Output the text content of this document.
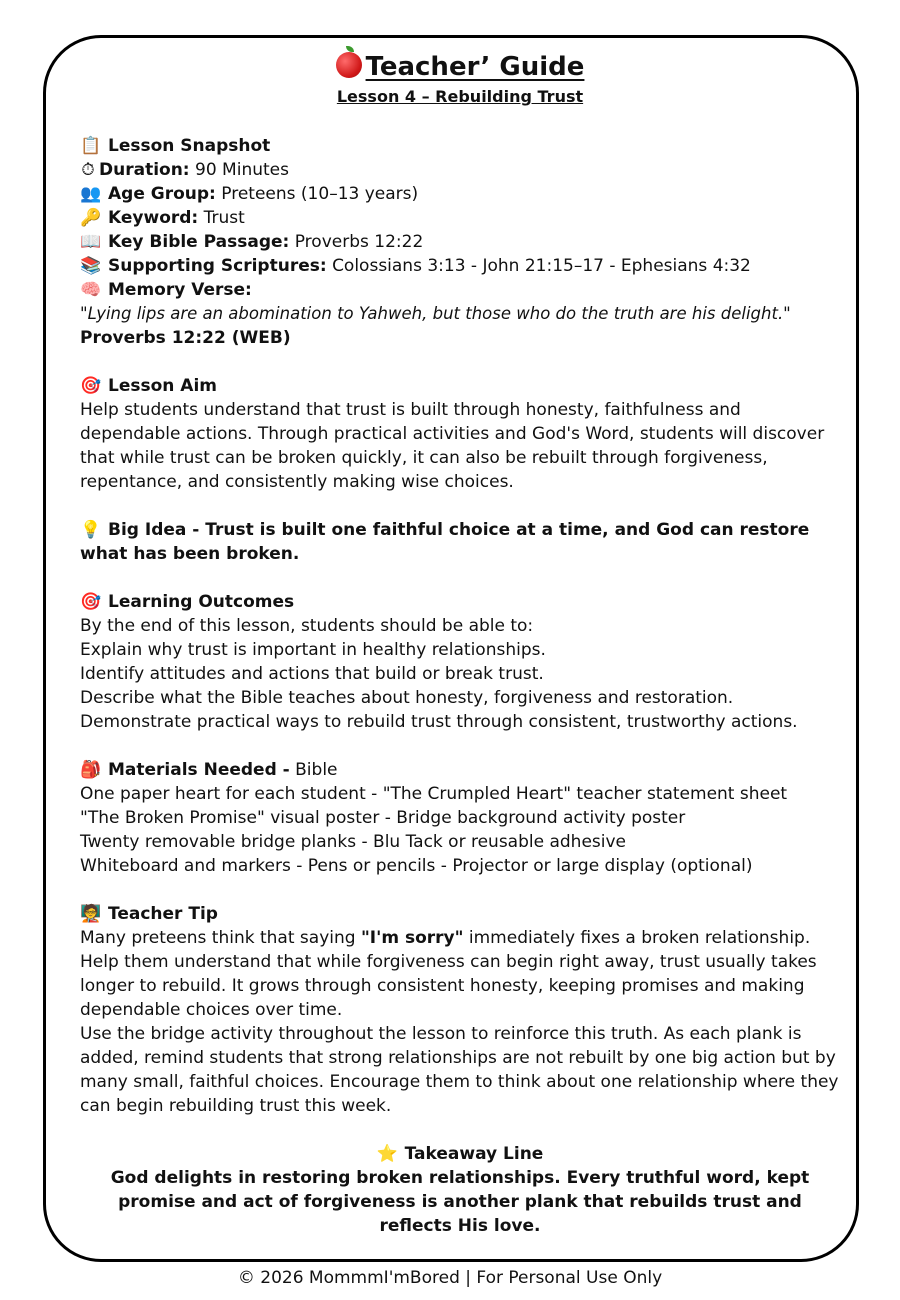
Teacher’ Guide
Lesson 4 – Rebuilding Trust
📋 Lesson Snapshot
⏱ Duration: 90 Minutes
👥 Age Group: Preteens (10–13 years)
🔑 Keyword: Trust
📖 Key Bible Passage: Proverbs 12:22
📚 Supporting Scriptures: Colossians 3:13 - John 21:15–17 - Ephesians 4:32
🧠 Memory Verse:
"Lying lips are an abomination to Yahweh, but those who do the truth are his delight."
Proverbs 12:22 (WEB)
🎯 Lesson Aim
Help students understand that trust is built through honesty, faithfulness and dependable actions. Through practical activities and God's Word, students will discover that while trust can be broken quickly, it can also be rebuilt through forgiveness, repentance, and consistently making wise choices.
💡 Big Idea - Trust is built one faithful choice at a time, and God can restore what has been broken.
🎯 Learning Outcomes
By the end of this lesson, students should be able to:
Explain why trust is important in healthy relationships.
Identify attitudes and actions that build or break trust.
Describe what the Bible teaches about honesty, forgiveness and restoration.
Demonstrate practical ways to rebuild trust through consistent, trustworthy actions.
🎒 Materials Needed - Bible
One paper heart for each student - "The Crumpled Heart" teacher statement sheet
"The Broken Promise" visual poster - Bridge background activity poster
Twenty removable bridge planks - Blu Tack or reusable adhesive
Whiteboard and markers - Pens or pencils - Projector or large display (optional)
🧑‍🏫 Teacher Tip
Many preteens think that saying "I'm sorry" immediately fixes a broken relationship. Help them understand that while forgiveness can begin right away, trust usually takes longer to rebuild. It grows through consistent honesty, keeping promises and making dependable choices over time.
Use the bridge activity throughout the lesson to reinforce this truth. As each plank is added, remind students that strong relationships are not rebuilt by one big action but by many small, faithful choices. Encourage them to think about one relationship where they can begin rebuilding trust this week.
⭐ Takeaway Line
God delights in restoring broken relationships. Every truthful word, kept promise and act of forgiveness is another plank that rebuilds trust and reflects His love.
© 2026 MommmI'mBored | For Personal Use Only
